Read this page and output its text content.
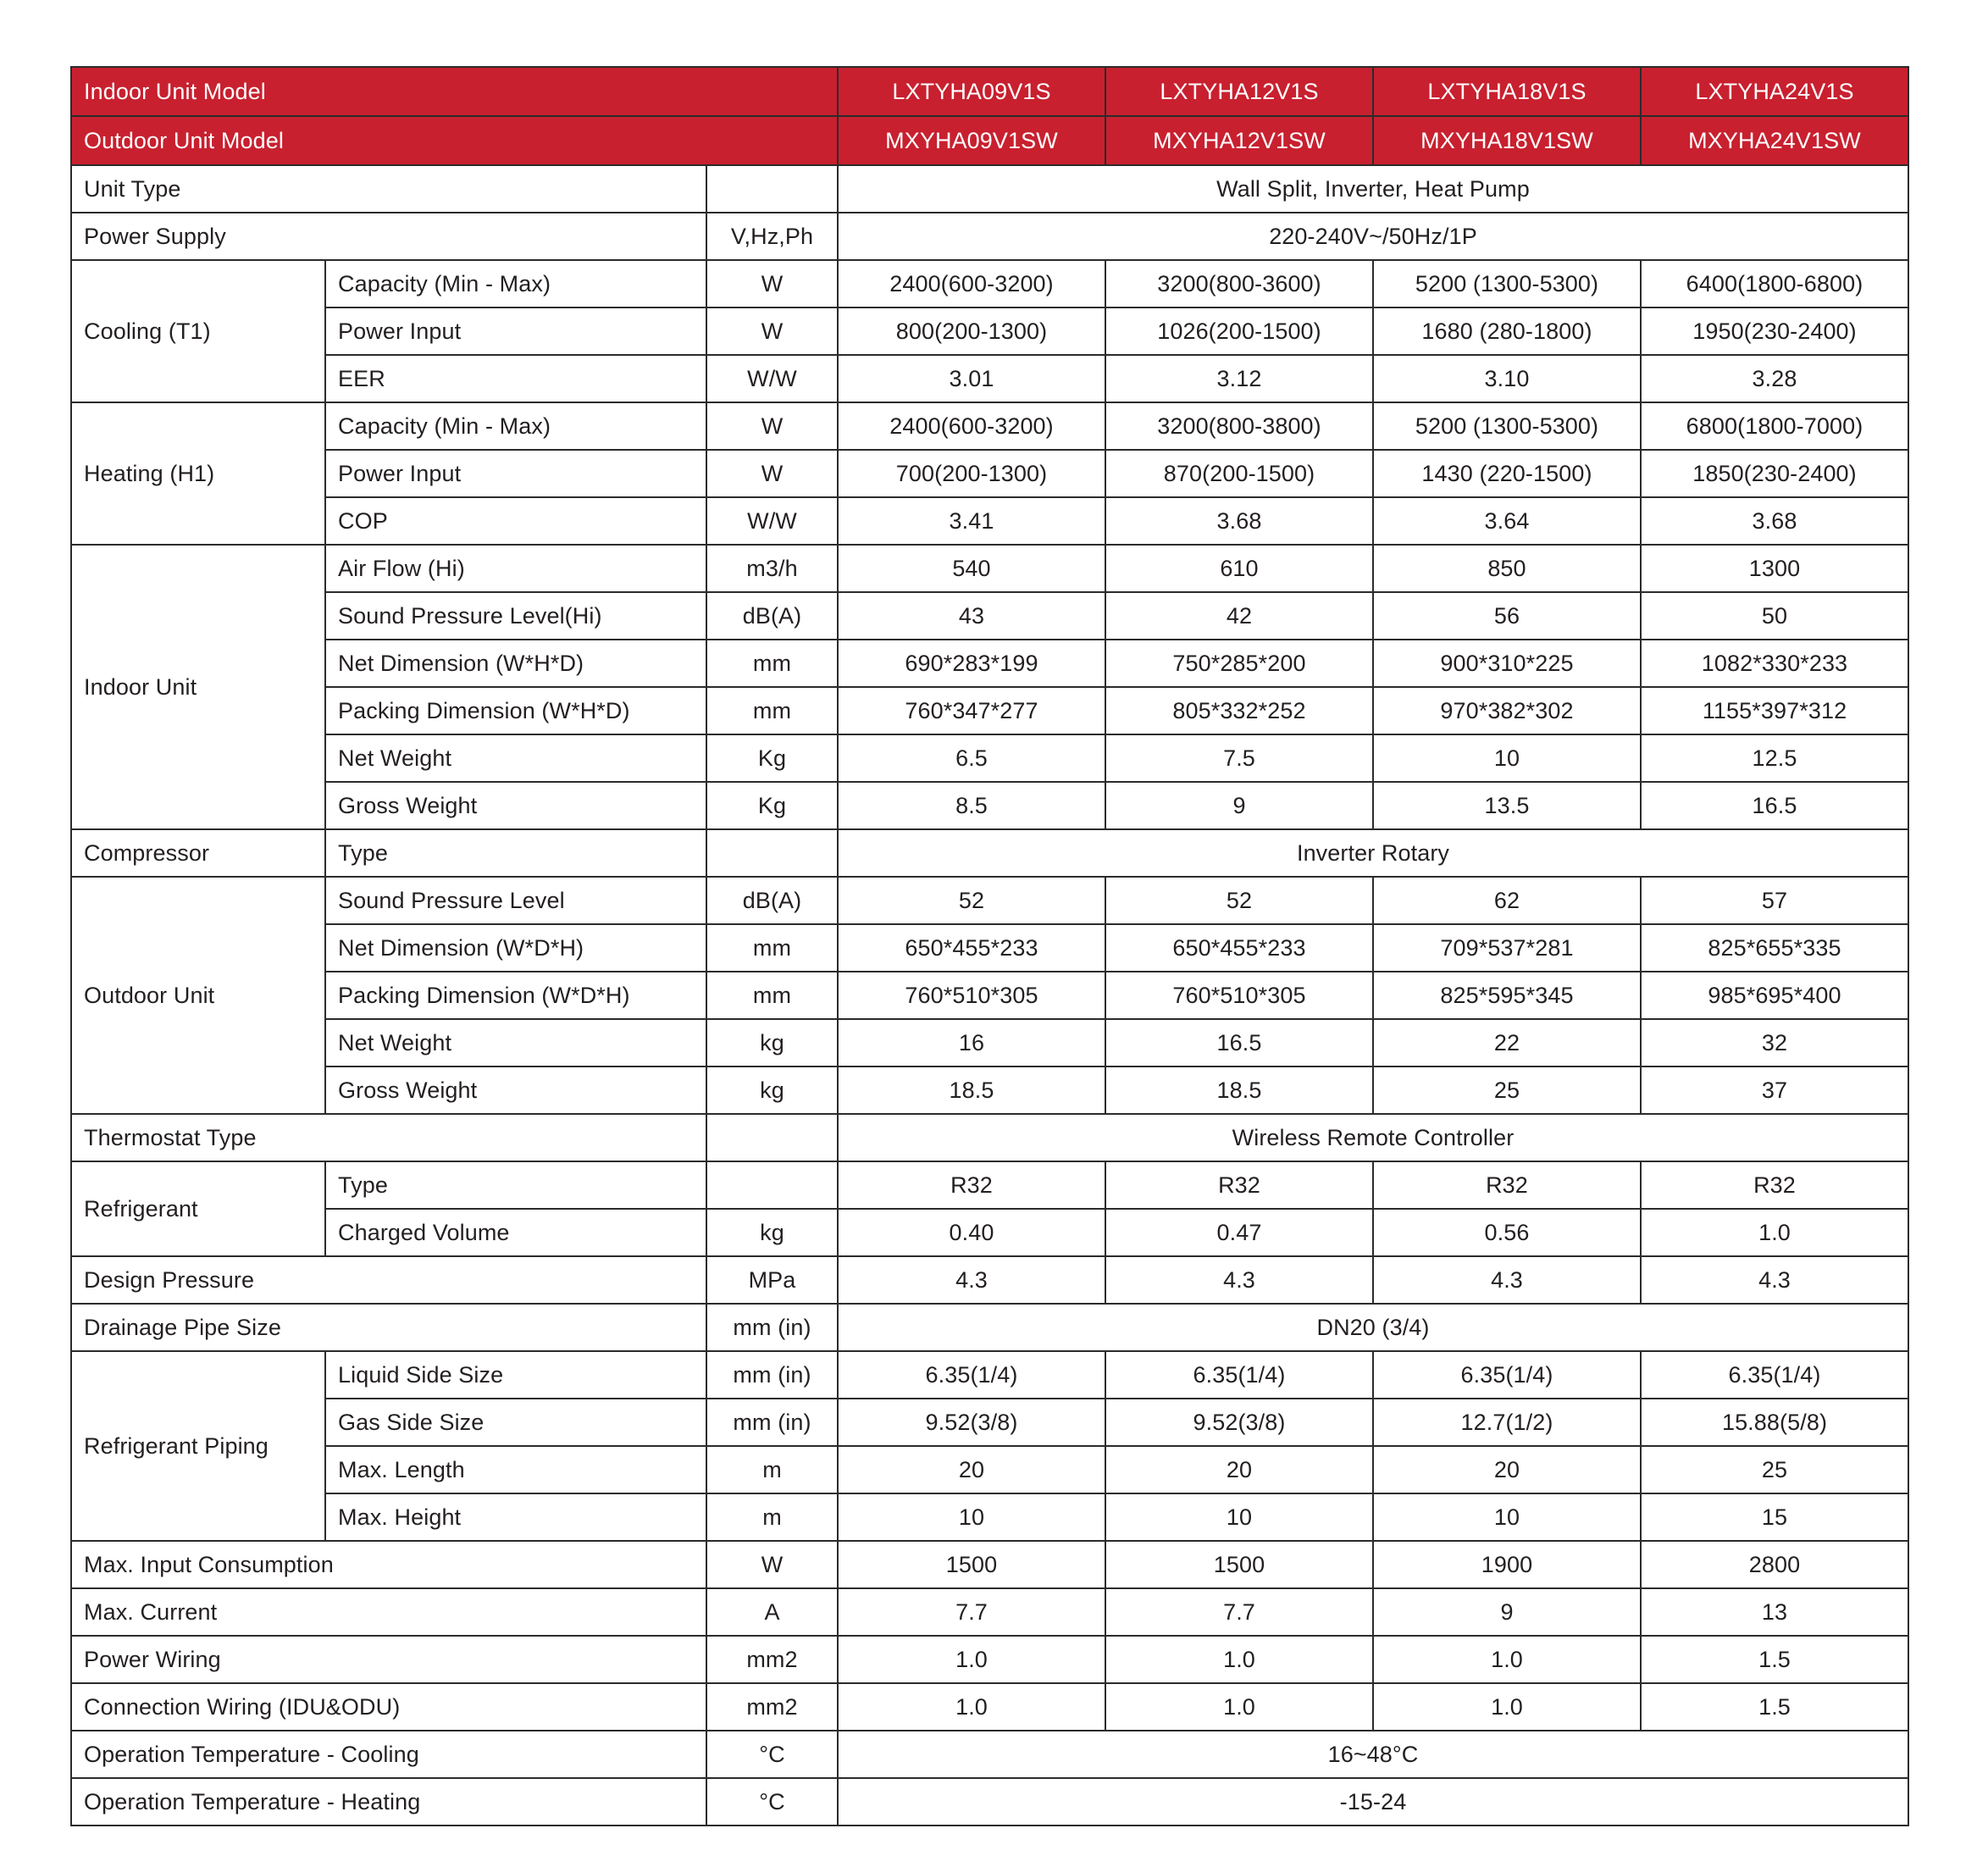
Indoor Unit Model			LXTYHA09V1S	LXTYHA12V1S	LXTYHA18V1S	LXTYHA24V1S
Outdoor Unit Model			MXYHA09V1SW	MXYHA12V1SW	MXYHA18V1SW	MXYHA24V1SW
Unit Type			Wall Split, Inverter, Heat Pump			
Power Supply		V,Hz,Ph	220-240V~/50Hz/1P			
Cooling (T1)	Capacity (Min - Max)	W	2400(600-3200)	3200(800-3600)	5200 (1300-5300)	6400(1800-6800)
	Power Input	W	800(200-1300)	1026(200-1500)	1680 (280-1800)	1950(230-2400)
	EER	W/W	3.01	3.12	3.10	3.28
Heating (H1)	Capacity (Min - Max)	W	2400(600-3200)	3200(800-3800)	5200 (1300-5300)	6800(1800-7000)
	Power Input	W	700(200-1300)	870(200-1500)	1430 (220-1500)	1850(230-2400)
	COP	W/W	3.41	3.68	3.64	3.68
Indoor Unit	Air Flow (Hi)	m3/h	540	610	850	1300
	Sound Pressure Level(Hi)	dB(A)	43	42	56	50
	Net Dimension (W*H*D)	mm	690*283*199	750*285*200	900*310*225	1082*330*233
	Packing Dimension (W*H*D)	mm	760*347*277	805*332*252	970*382*302	1155*397*312
	Net Weight	Kg	6.5	7.5	10	12.5
	Gross Weight	Kg	8.5	9	13.5	16.5
Compressor	Type		Inverter Rotary			
Outdoor Unit	Sound Pressure Level	dB(A)	52	52	62	57
	Net Dimension (W*D*H)	mm	650*455*233	650*455*233	709*537*281	825*655*335
	Packing Dimension (W*D*H)	mm	760*510*305	760*510*305	825*595*345	985*695*400
	Net Weight	kg	16	16.5	22	32
	Gross Weight	kg	18.5	18.5	25	37
Thermostat Type			Wireless Remote Controller			
Refrigerant	Type		R32	R32	R32	R32
	Charged Volume	kg	0.40	0.47	0.56	1.0
Design Pressure		MPa	4.3	4.3	4.3	4.3
Drainage Pipe Size		mm (in)	DN20 (3/4)			
Refrigerant Piping	Liquid Side Size	mm (in)	6.35(1/4)	6.35(1/4)	6.35(1/4)	6.35(1/4)
	Gas Side Size	mm (in)	9.52(3/8)	9.52(3/8)	12.7(1/2)	15.88(5/8)
	Max. Length	m	20	20	20	25
	Max. Height	m	10	10	10	15
Max. Input Consumption		W	1500	1500	1900	2800
Max. Current		A	7.7	7.7	9	13
Power Wiring		mm2	1.0	1.0	1.0	1.5
Connection Wiring (IDU&ODU)		mm2	1.0	1.0	1.0	1.5
Operation Temperature - Cooling		°C	16~48°C			
Operation Temperature - Heating		°C	-15-24			
